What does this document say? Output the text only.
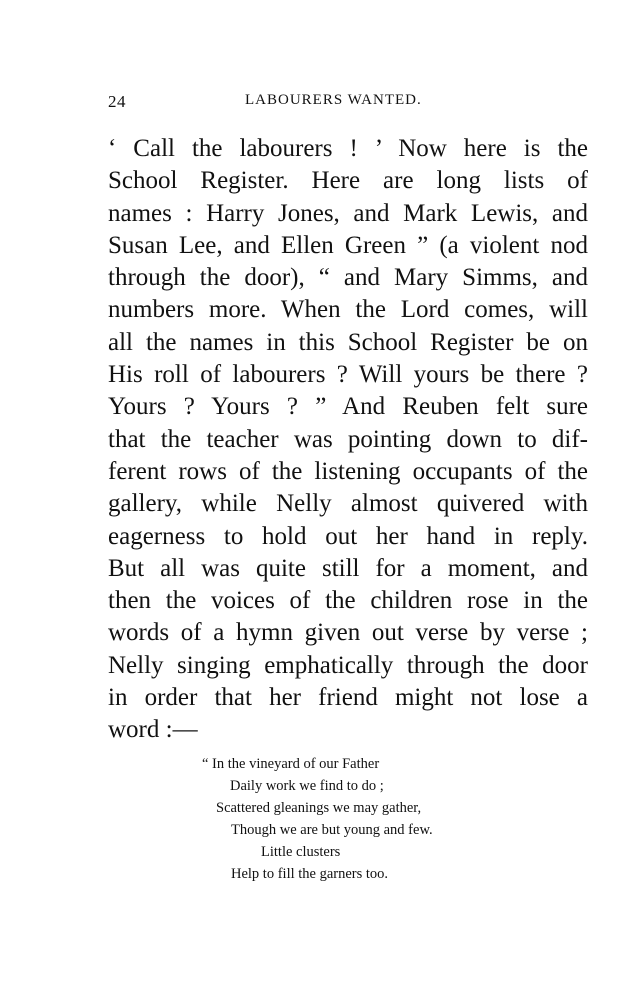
24	LABOURERS WANTED.
‘ Call the labourers ! ’ Now here is the
School Register. Here are long lists of
names : Harry Jones, and Mark Lewis, and
Susan Lee, and Ellen Green ” (a violent nod
through the door), “ and Mary Simms, and
numbers more. When the Lord comes, will
all the names in this School Register be on
His roll of labourers ? Will yours be there ?
Yours ? Yours ? ” And Reuben felt sure
that the teacher was pointing down to dif-
ferent rows of the listening occupants of the
gallery, while Nelly almost quivered with
eagerness to hold out her hand in reply.
But all was quite still for a moment, and
then the voices of the children rose in the
words of a hymn given out verse by verse ;
Nelly singing emphatically through the door
in order that her friend might not lose a
word :—
“ In the vineyard of our Father
Daily work we find to do ;
Scattered gleanings we may gather,
Though we are but young and few.
Little clusters
Help to fill the garners too.
